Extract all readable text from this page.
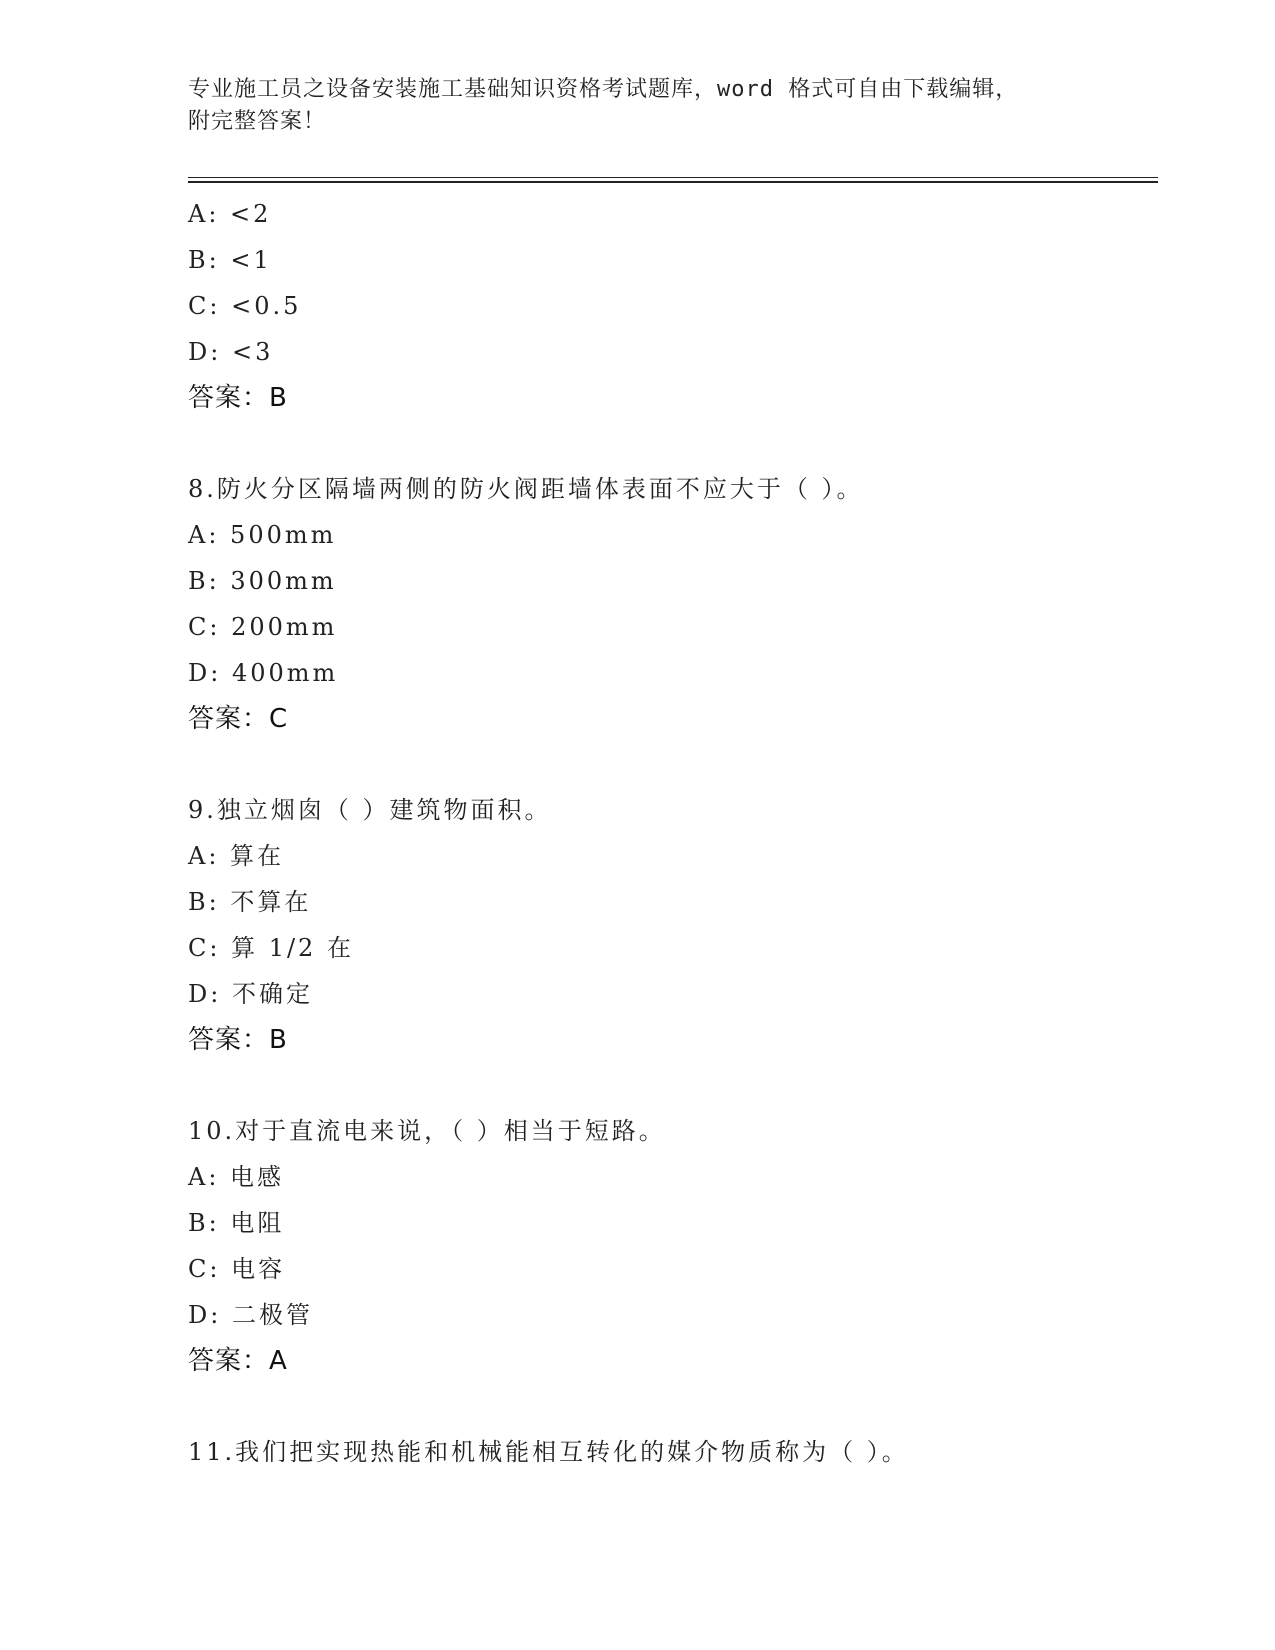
专业施工员之设备安装施工基础知识资格考试题库，word 格式可自由下载编辑，
附完整答案！
A: <2
B: <1
C: <0.5
D: <3
答案：B
8.防火分区隔墙两侧的防火阀距墙体表面不应大于（ ）。
A: 500mm
B: 300mm
C: 200mm
D: 400mm
答案：C
9.独立烟囱（ ）建筑物面积。
A: 算在
B: 不算在
C: 算 1/2 在
D: 不确定
答案：B
10.对于直流电来说，（ ）相当于短路。
A: 电感
B: 电阻
C: 电容
D: 二极管
答案：A
11.我们把实现热能和机械能相互转化的媒介物质称为（ ）。
